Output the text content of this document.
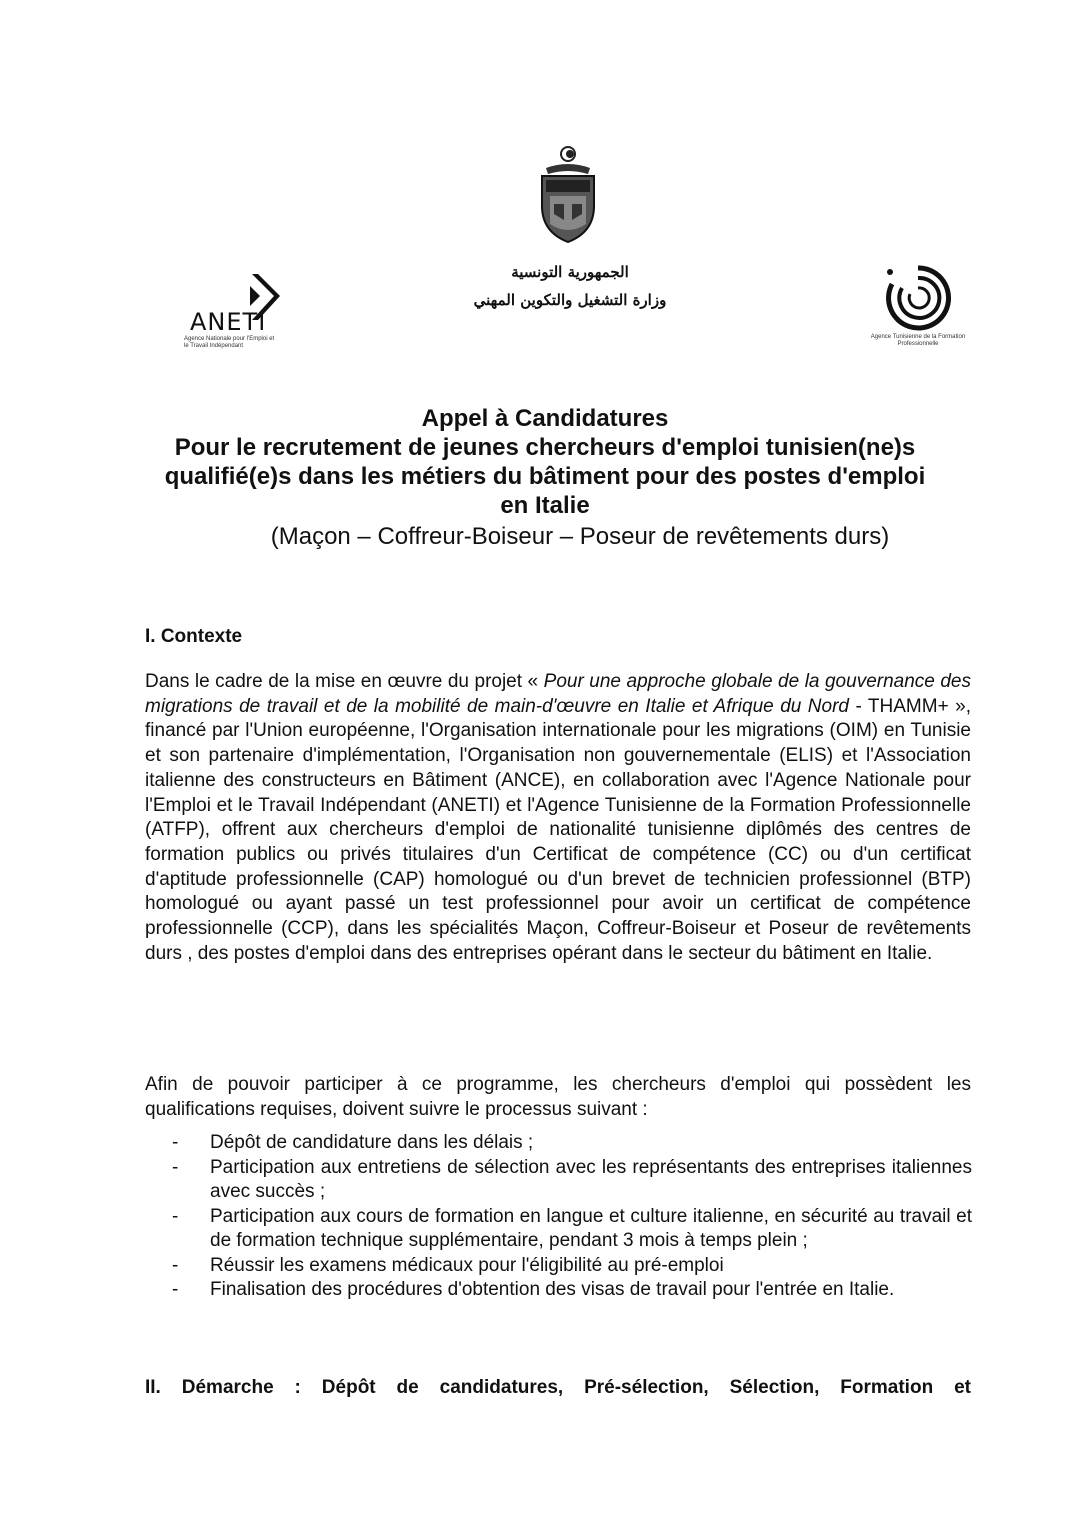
الجمهورية التونسية
وزارة التشغيل والتكوين المهني
ANETI
Agence Nationale pour l'Emploi et le Travail Indépendant
Agence Tunisienne de la Formation Professionnelle

Appel à Candidatures

Pour le recrutement de jeunes chercheurs d'emploi tunisien(ne)s

qualifié(e)s dans les métiers du bâtiment pour des postes d'emploi

en Italie

(Maçon – Coffreur-Boiseur – Poseur de revêtements durs)

I. Contexte

Dans le cadre de la mise en œuvre du projet « Pour une approche globale de la gouvernance des migrations de travail et de la mobilité de main-d'œuvre en Italie et Afrique du Nord - THAMM+ », financé par l'Union européenne, l'Organisation internationale pour les migrations (OIM) en Tunisie et son partenaire d'implémentation, l'Organisation non gouvernementale (ELIS) et l'Association italienne des constructeurs en Bâtiment (ANCE), en collaboration avec l'Agence Nationale pour l'Emploi et le Travail Indépendant (ANETI) et l'Agence Tunisienne de la Formation Professionnelle (ATFP), offrent aux chercheurs d'emploi de nationalité tunisienne diplômés des centres de formation publics ou privés titulaires d'un Certificat de compétence (CC) ou d'un certificat d'aptitude professionnelle (CAP) homologué ou d'un brevet de technicien professionnel (BTP) homologué ou ayant passé un test professionnel pour avoir un certificat de compétence professionnelle (CCP), dans les spécialités Maçon, Coffreur-Boiseur et Poseur de revêtements durs , des postes d'emploi dans des entreprises opérant dans le secteur du bâtiment en Italie.

Afin de pouvoir participer à ce programme, les chercheurs d'emploi qui possèdent les qualifications requises, doivent suivre le processus suivant :

- Dépôt de candidature dans les délais ;
- Participation aux entretiens de sélection avec les représentants des entreprises italiennes avec succès ;
- Participation aux cours de formation en langue et culture italienne, en sécurité au travail et de formation technique supplémentaire, pendant 3 mois à temps plein ;
- Réussir les examens médicaux pour l'éligibilité au pré-emploi
- Finalisation des procédures d'obtention des visas de travail pour l'entrée en Italie.
II. Démarche : Dépôt de candidatures, Pré-sélection, Sélection, Formation et
